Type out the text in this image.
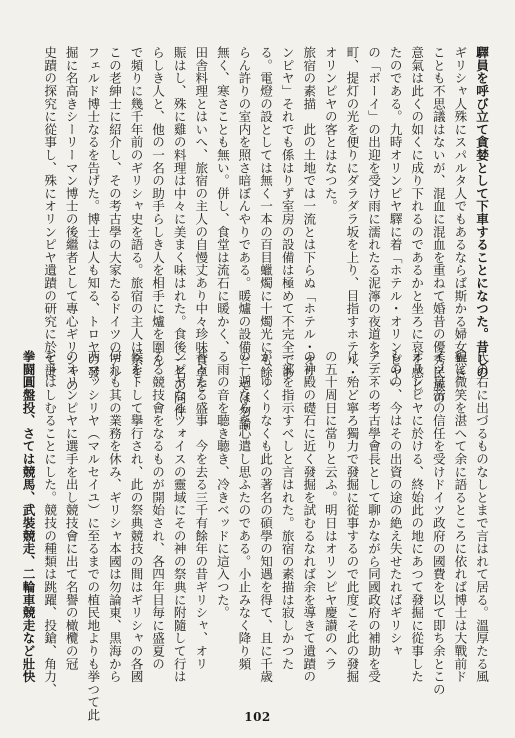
驛員を呼び立て貪婪として下車することになつた。昔しの
ギリシャ人殊にスパルタ人でもあるならば斯かる婦女無き
ことも不思議はないが、混血に混血を重ねて婚昔の優秀民族の
意氣は此くの如くに成り下れるのであるかと坐ろに哀を感じ
たのである。九時オリンピヤ驛に着「ホテル・オリンピヤ」
の「ボーイ」の出迎を受け雨に濡れたる泥濘の夜道を二三
町、提灯の光を便りにダラダラ坂を上り、目指すホテル・
オリンピヤの客とはなつた。
旅宿の素描　此の土地では一流とは下らぬ「ホテル・オリ
ンピヤ」それでも係はりず室房の設備は極めて不完全であ
る。電燈の設としては無く一本の百目蠟燭に十燭光にも餘
らん許りの室内を照さ暗ぼんやりである。暖爐の設備としては勿論
無く、寒さことも無い。併し、食堂は流石に暖かく、
田舎料理とはいへ、旅宿の主人の自慢丈あり中々珍味食卓を
賑はし、殊に雞の料理は中々に美まく味はれた。食後一名の同伴
らしき人と、他の一名の助手らしき人を相手に爐を圍ん
で頻りに幾千年前のギリシャ史を語る。旅宿の主人は余を
この老紳士に紹介し、その考古學の大家たるドイツのデル
フェルド博士なるを告げた。博士は人も知る、トロヤの發
掘に名高きシーリーマン博士の後繼者として專心ギリシャの
史蹟の探究に從事し、殊にオリンピヤ遺蹟の研究に於ては
氏の右に出づるものなしとまで言はれて居る。溫厚たる風
貌に微笑を湛へて余に語るところに依れば博士は大戰前ド
イツ皇帝の信任を受けドイツ政府の國費を以て即ち余とこの
オリンピヤに於ける、終始此の地にあつて發掘に從事した
ものの、今はその出資の途の絶え失せたればギリシャ
アテネの考古學會長として聊かながら同國政府の補助を受
け、殆ど寧ろ獨力で發掘に從事するので此度こそ此の發掘
の五十周日に當りと云ふ。明日はオリンピヤ慶讃のヘラ
の神殿の礎石に近く發掘を試むるなれば余を導きて遺蹟の
一部を指示すべしと言はれた。旅宿の素描は寂しかつた
が、ゆくりなくも此の著名の碩學の知遇を得て、且に千歳
の一週なるを心遣し思ふたのである。小止みなく降り頻
る雨の音を聴き聴き、冷きベッドに這入つた。
昔々たる盛事　今を去る三千有餘年の昔ギリシャ、オリ
ンピヤなるツォイスの靈域にその神の祭典に附隨して行は
るる競技會をなるものが開始され、各四年目毎に盛夏の
候をトして擧行され、此の祭典競技の間はギリシャの各國
何れも其の業務を休み、ギリシャ本國は勿論東、黒海から
西マッシリヤ（マルセイユ）に至るまでの植民地よりも挙つて此
のオリンピヤに選手を出し競技會に出て名譽の橄欖の冠
を爭はしむることにした。競技の種類は跳躍、投鎗、角力、
拳闘圓盤投、さては競馬、武裝競走、二輪車競走など壯快
102
